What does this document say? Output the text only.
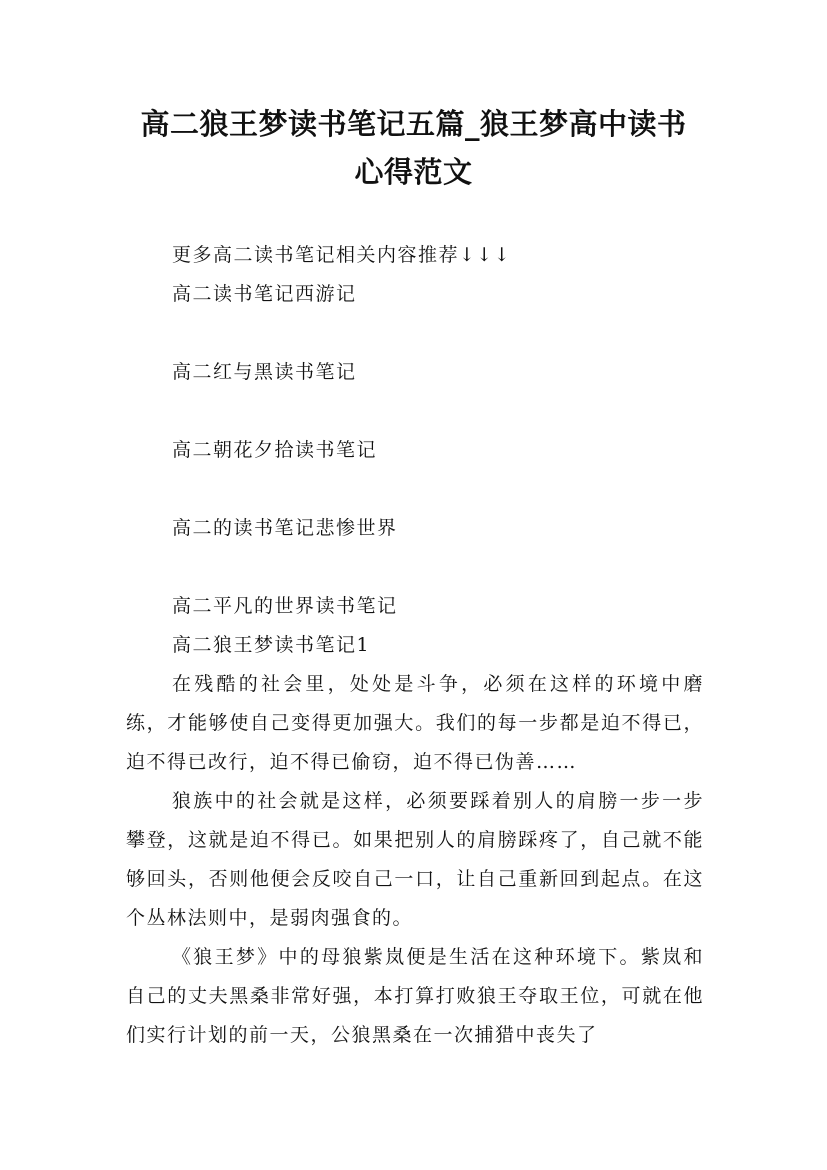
高二狼王梦读书笔记五篇_狼王梦高中读书
心得范文

更多高二读书笔记相关内容推荐↓↓↓

高二读书笔记西游记

高二红与黑读书笔记

高二朝花夕拾读书笔记

高二的读书笔记悲惨世界

高二平凡的世界读书笔记

高二狼王梦读书笔记1

在残酷的社会里，处处是斗争，必须在这样的环境中磨练，才能够使自己变得更加强大。我们的每一步都是迫不得已，迫不得已改行，迫不得已偷窃，迫不得已伪善……

狼族中的社会就是这样，必须要踩着别人的肩膀一步一步攀登，这就是迫不得已。如果把别人的肩膀踩疼了，自己就不能够回头，否则他便会反咬自己一口，让自己重新回到起点。在这个丛林法则中，是弱肉强食的。

《狼王梦》中的母狼紫岚便是生活在这种环境下。紫岚和自己的丈夫黑桑非常好强，本打算打败狼王夺取王位，可就在他们实行计划的前一天，公狼黑桑在一次捕猎中丧失了
